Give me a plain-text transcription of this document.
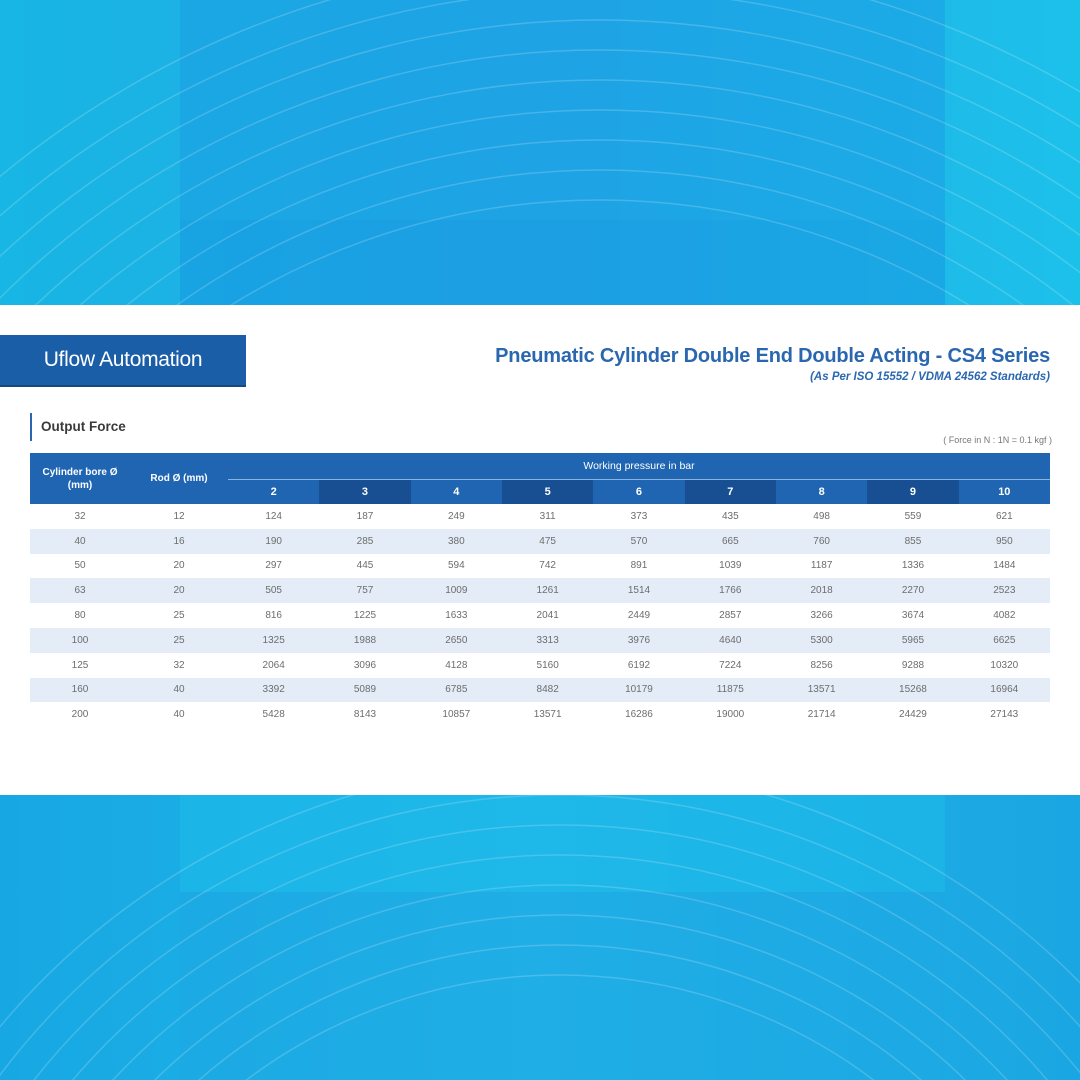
Uflow Automation	Pneumatic Cylinder Double End Double Acting - CS4 Series
(As Per ISO 15552 / VDMA 24562 Standards)
Output Force
( Force in N : 1N = 0.1 kgf )
Cylinder bore Ø (mm)	Rod Ø (mm)	Working pressure in bar								
		2	3	4	5	6	7	8	9	10
32	12	124	187	249	311	373	435	498	559	621
40	16	190	285	380	475	570	665	760	855	950
50	20	297	445	594	742	891	1039	1187	1336	1484
63	20	505	757	1009	1261	1514	1766	2018	2270	2523
80	25	816	1225	1633	2041	2449	2857	3266	3674	4082
100	25	1325	1988	2650	3313	3976	4640	5300	5965	6625
125	32	2064	3096	4128	5160	6192	7224	8256	9288	10320
160	40	3392	5089	6785	8482	10179	11875	13571	15268	16964
200	40	5428	8143	10857	13571	16286	19000	21714	24429	27143
